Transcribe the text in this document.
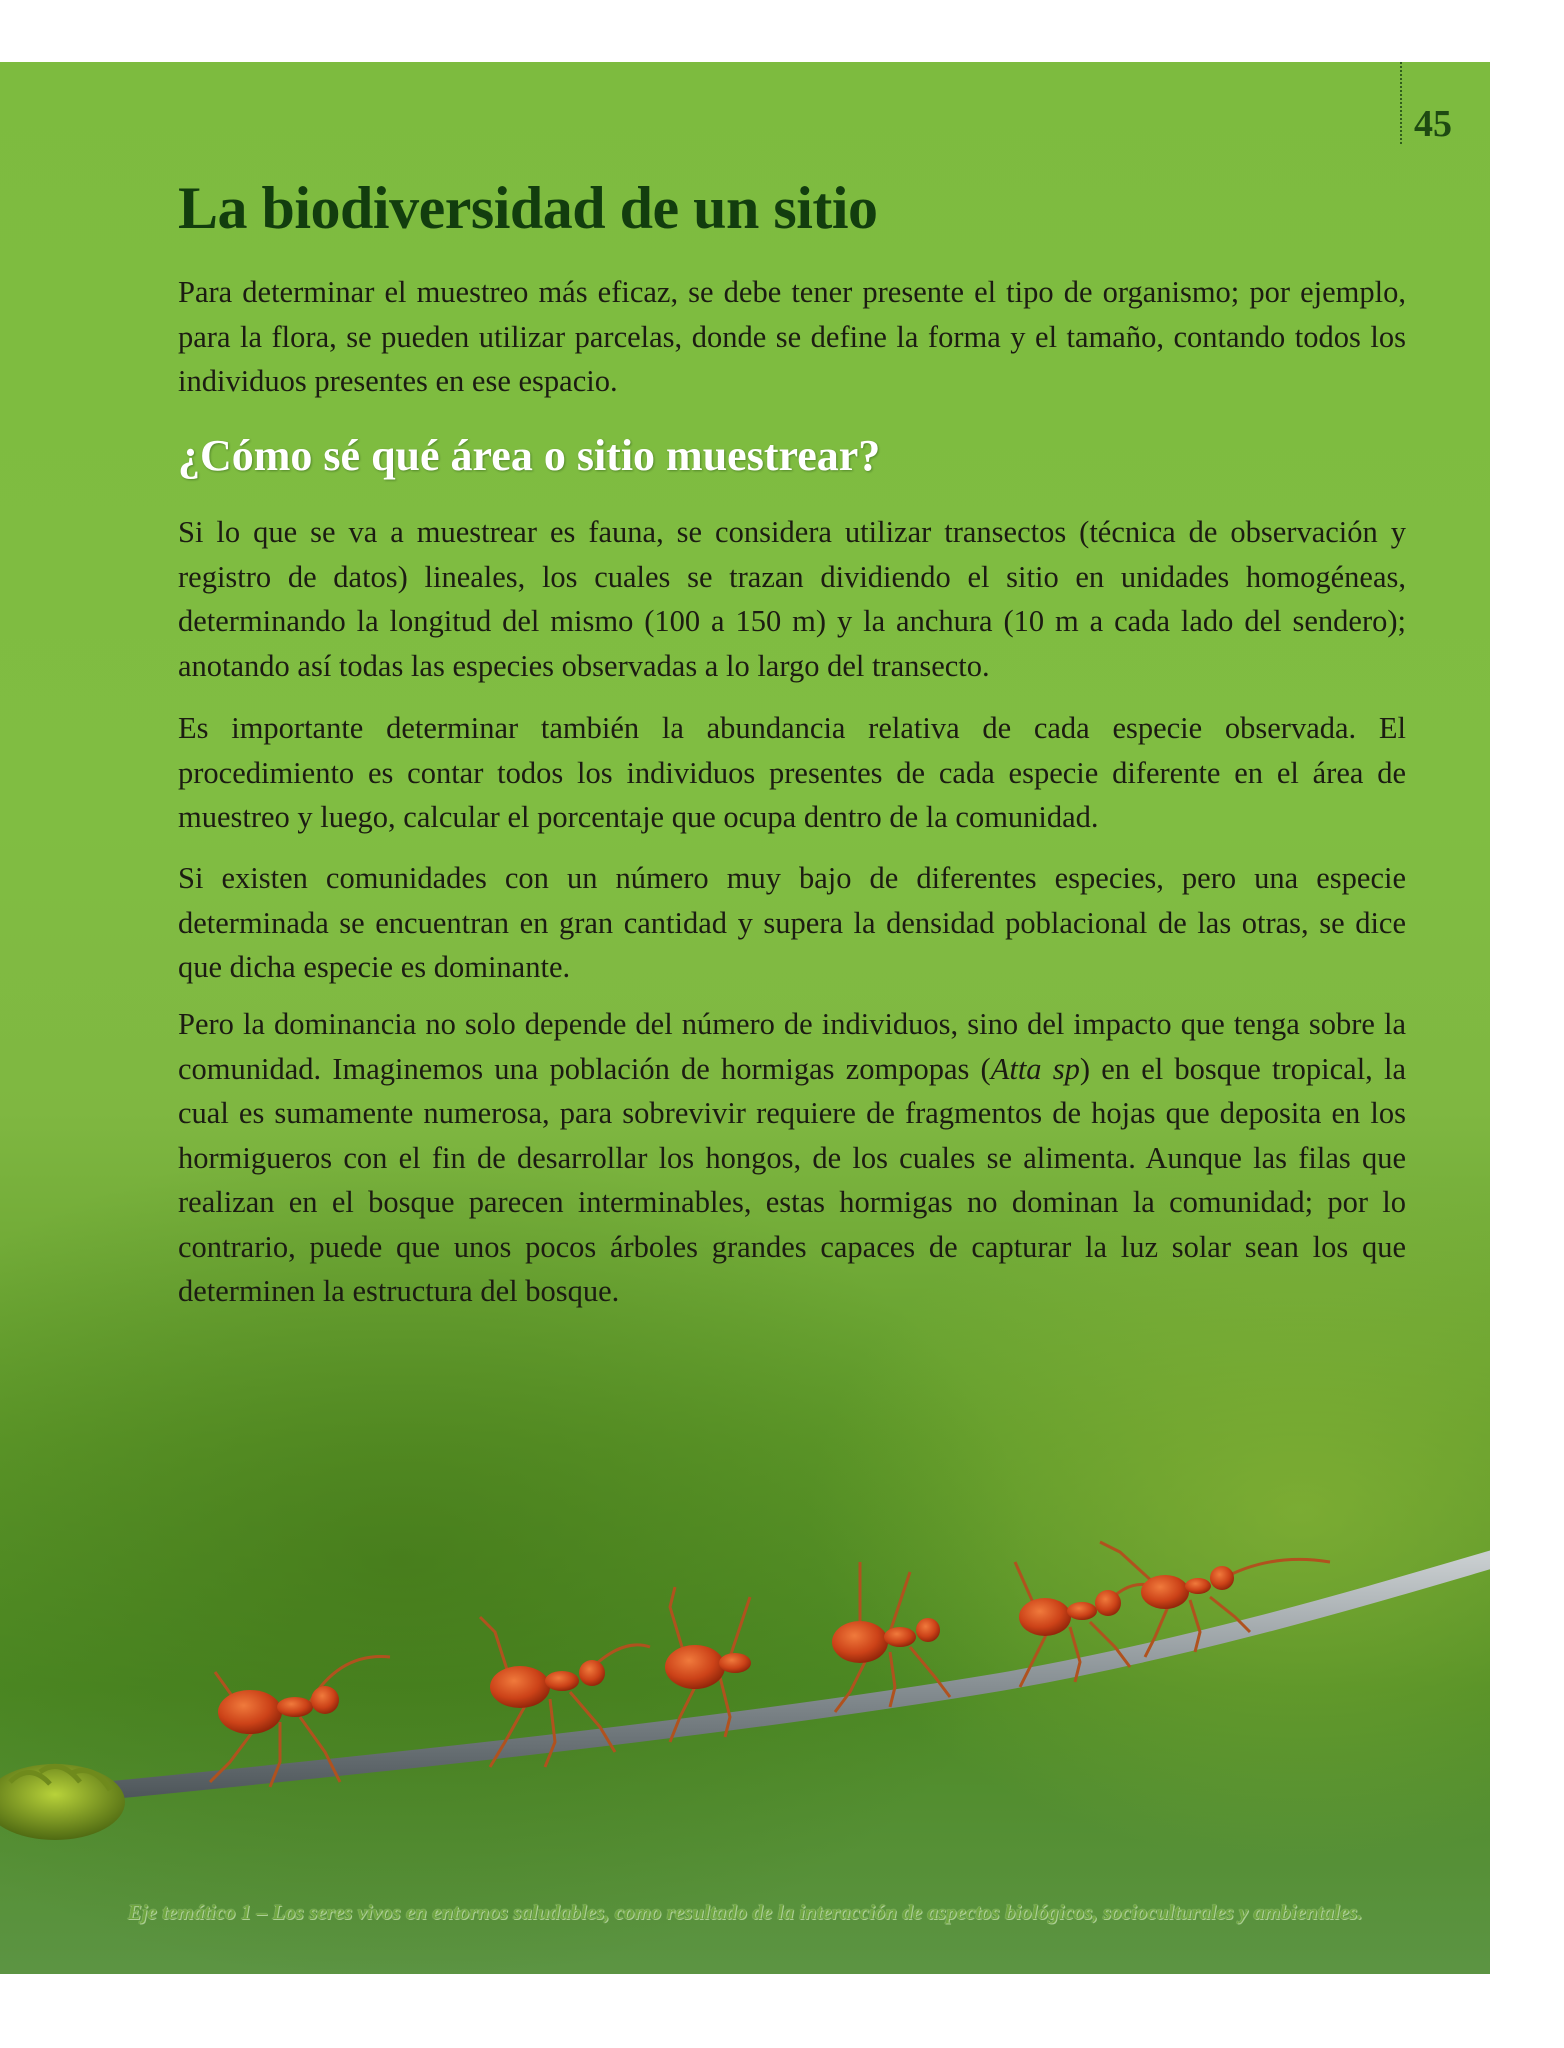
45
La biodiversidad de un sitio

Para determinar el muestreo más eficaz, se debe tener presente el tipo de organismo; por ejemplo, para la flora, se pueden utilizar parcelas, donde se define la forma y el tamaño, contando todos los individuos presentes en ese espacio.

¿Cómo sé qué área o sitio muestrear?

Si lo que se va a muestrear es fauna, se considera utilizar transectos (técnica de observación y registro de datos) lineales, los cuales se trazan dividiendo el sitio en unidades homogéneas, determinando la longitud del mismo (100 a 150 m) y la anchura (10 m a cada lado del sendero); anotando así todas las especies observadas a lo largo del transecto.

Es importante determinar también la abundancia relativa de cada especie observada. El procedimiento es contar todos los individuos presentes de cada especie diferente en el área de muestreo y luego, calcular el porcentaje que ocupa dentro de la comunidad.

Si existen comunidades con un número muy bajo de diferentes especies, pero una especie determinada se encuentran en gran cantidad y supera la densidad poblacional de las otras, se dice que dicha especie es dominante.

Pero la dominancia no solo depende del número de individuos, sino del impacto que tenga sobre la comunidad. Imaginemos una población de hormigas zompopas (Atta sp) en el bosque tropical, la cual es sumamente numerosa, para sobrevivir requiere de fragmentos de hojas que deposita en los hormigueros con el fin de desarrollar los hongos, de los cuales se alimenta. Aunque las filas que realizan en el bosque parecen interminables, estas hormigas no dominan la comunidad; por lo contrario, puede que unos pocos árboles grandes capaces de capturar la luz solar sean los que determinen la estructura del bosque.

Eje temático 1 – Los seres vivos en entornos saludables, como resultado de la interacción de aspectos biológicos, socioculturales y ambientales.
